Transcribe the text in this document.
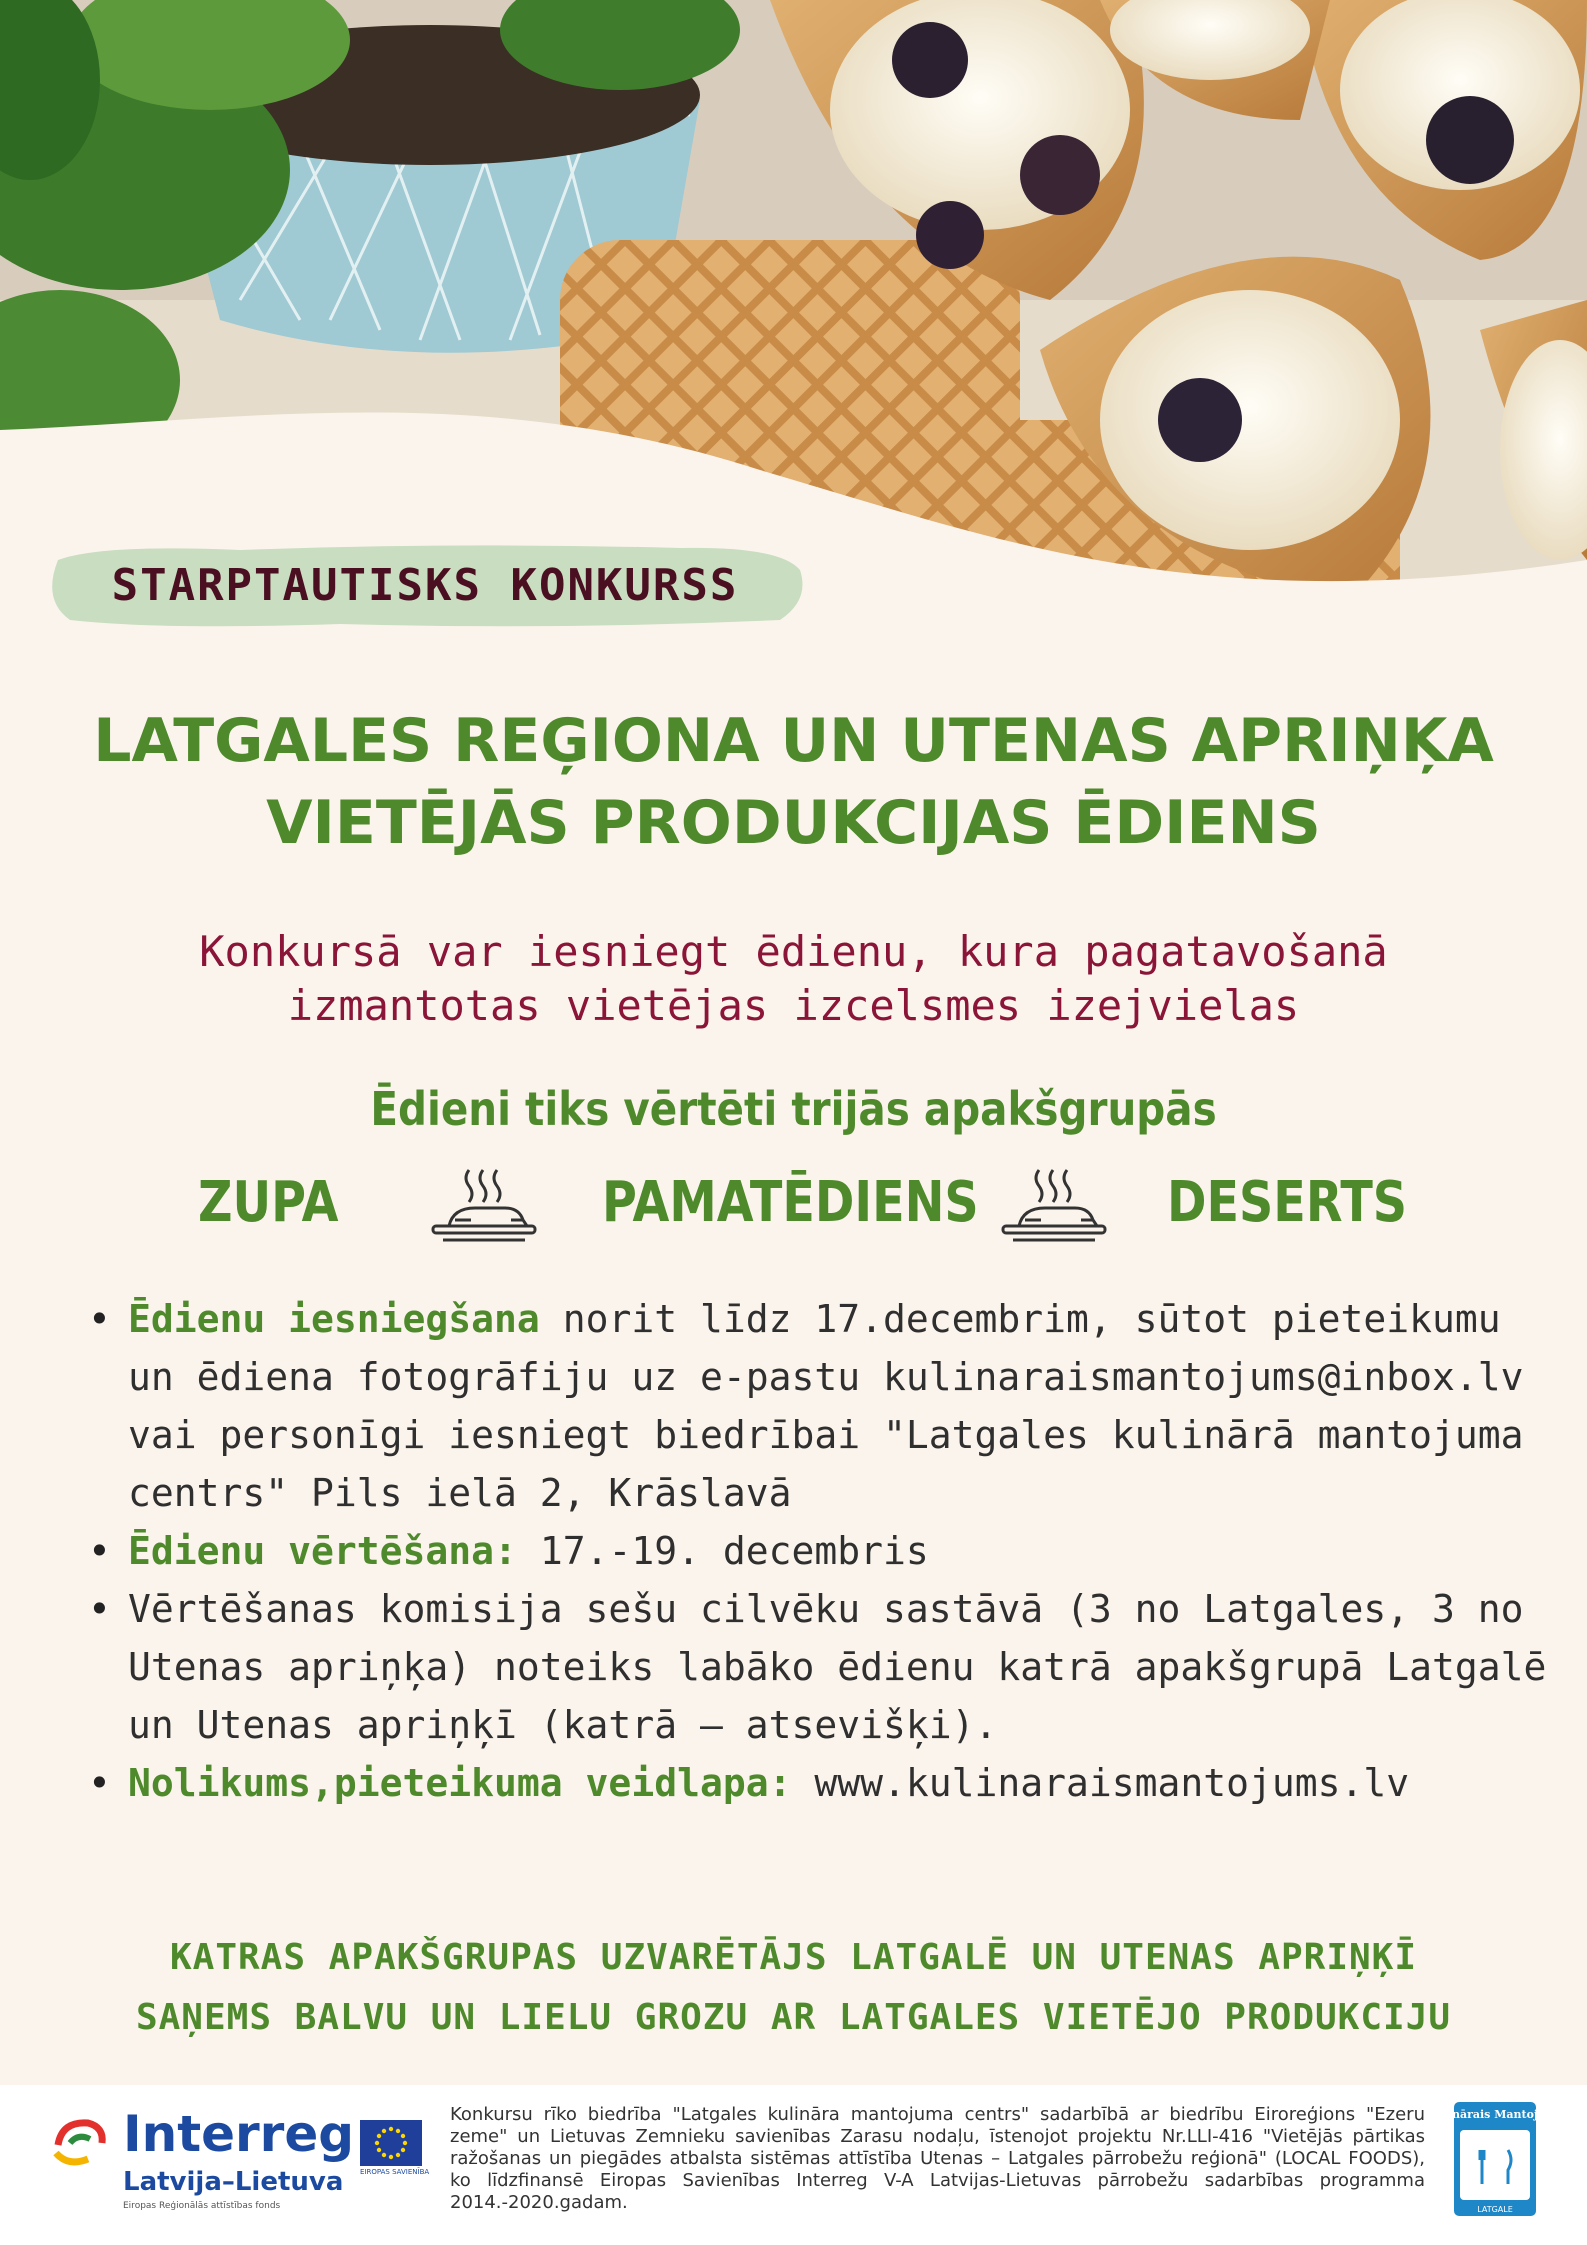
STARPTAUTISKS KONKURSS
LATGALES REĢIONA UN UTENAS APRIŅĶA
VIETĒJĀS PRODUKCIJAS ĒDIENS
Konkursā var iesniegt ēdienu, kura pagatavošanā
izmantotas vietējas izcelsmes izejvielas
Ēdieni tiks vērtēti trijās apakšgrupās
ZUPA	PAMATĒDIENS	DESERTS
• Ēdienu iesniegšana norit līdz 17.decembrim, sūtot pieteikumu un ēdiena fotogrāfiju uz e-pastu kulinaraismantojums@inbox.lv vai personīgi iesniegt biedrībai "Latgales kulinārā mantojuma centrs" Pils ielā 2, Krāslavā
• Ēdienu vērtēšana: 17.-19. decembris
• Vērtēšanas komisija sešu cilvēku sastāvā (3 no Latgales, 3 no Utenas apriņķa) noteiks labāko ēdienu katrā apakšgrupā Latgalē un Utenas apriņķī (katrā – atsevišķi).
• Nolikums,pieteikuma veidlapa: www.kulinaraismantojums.lv
KATRAS APAKŠGRUPAS UZVARĒTĀJS LATGALĒ UN UTENAS APRIŅĶĪ
SAŅEMS BALVU UN LIELU GROZU AR LATGALES VIETĒJO PRODUKCIJU
Interreg
Latvija–Lietuva
Eiropas Reģionālās attīstības fonds
EIROPAS SAVIENĪBA
Konkursu rīko biedrība "Latgales kulināra mantojuma centrs" sadarbībā ar biedrību Eiroreģions "Ezeru zeme" un Lietuvas Zemnieku savienības Zarasu nodaļu, īstenojot projektu Nr.LLI-416 "Vietējās pārtikas ražošanas un piegādes atbalsta sistēmas attīstība Utenas – Latgales pārrobežu reģionā" (LOCAL FOODS), ko līdzfinansē Eiropas Savienības Interreg V-A Latvijas-Lietuvas pārrobežu sadarbības programma 2014.-2020.gadam.
Kulinārais Mantojums
LATGALE
